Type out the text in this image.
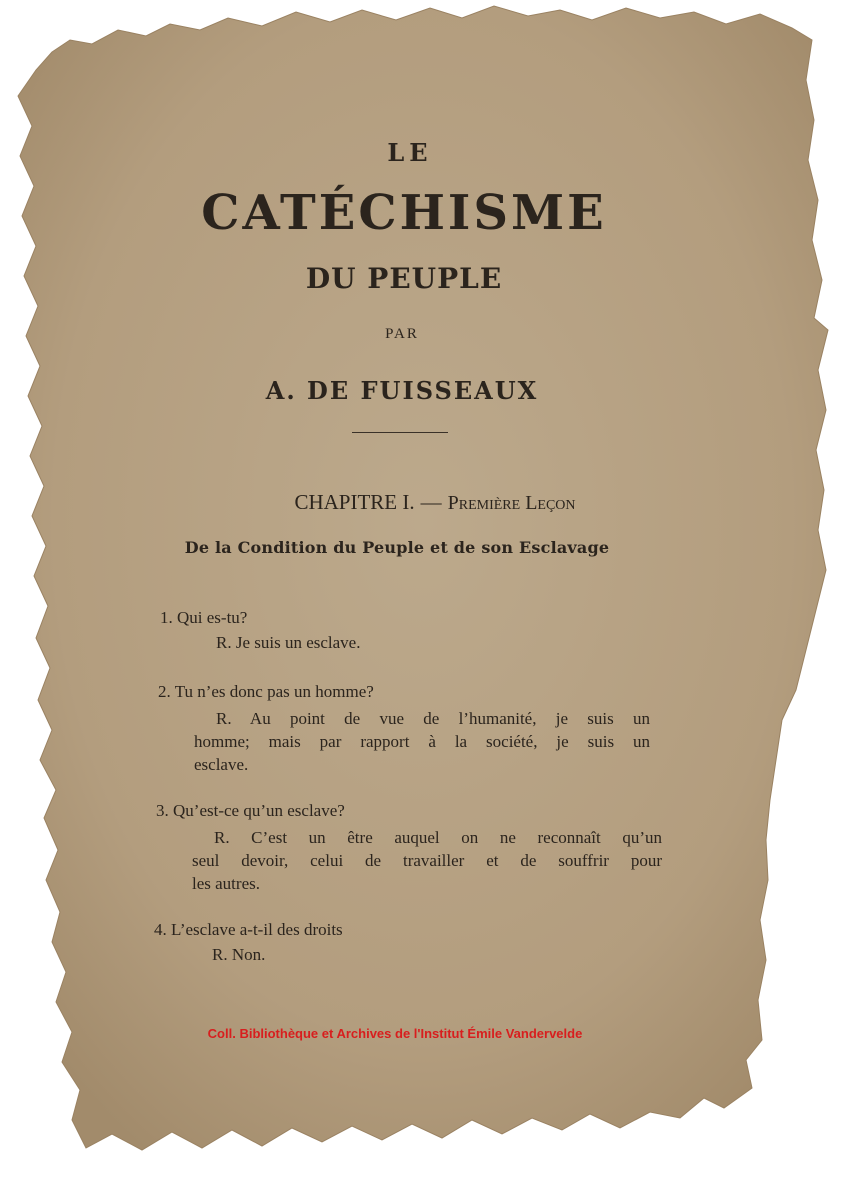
LE
CATÉCHISME
DU PEUPLE
PAR
A. DE FUISSEAUX
CHAPITRE I. — Première Leçon
De la Condition du Peuple et de son Esclavage
1. Qui es-tu?
R. Je suis un esclave.
2. Tu n’es donc pas un homme?
R. Au point de vue de l’humanité, je suis un
homme; mais par rapport à la société, je suis un
esclave.
3. Qu’est-ce qu’un esclave?
R. C’est un être auquel on ne reconnaît qu’un
seul devoir, celui de travailler et de souffrir pour
les autres.
4. L’esclave a-t-il des droits
R. Non.
Coll. Bibliothèque et Archives de l'Institut Émile Vandervelde
